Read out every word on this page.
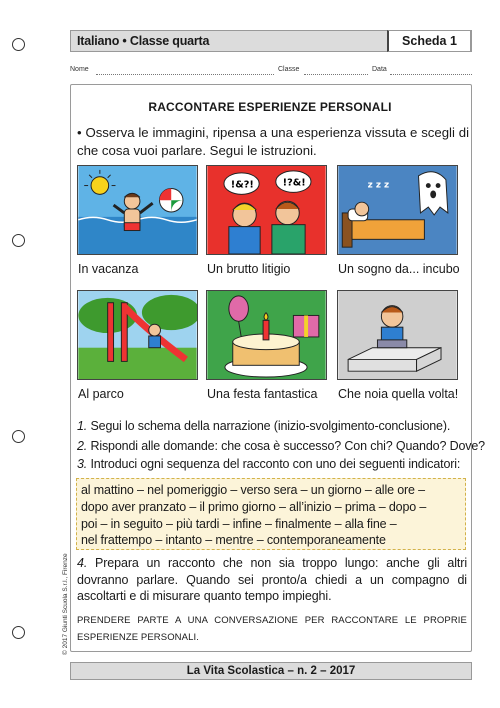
Italiano • Classe quarta	Scheda 1
Nome	Classe	Data
RACCONTARE ESPERIENZE PERSONALI
• Osserva le immagini, ripensa a una esperienza vissuta e scegli di che cosa vuoi parlare. Segui le istruzioni.
In vacanza
!&?!	!?&!
Un brutto litigio
z z z
Un sogno da... incubo
Al parco	Una festa fantastica Che noia quella volta!
1. Segui lo schema della narrazione (inizio-svolgimento-conclusione).
2. Rispondi alle domande: che cosa è successo? Con chi? Quando? Dove?
3. Introduci ogni sequenza del racconto con uno dei seguenti indicatori:
al mattino – nel pomeriggio – verso sera – un giorno – alle ore –
dopo aver pranzato – il primo giorno – all’inizio – prima – dopo –
poi – in seguito – più tardi – infine – finalmente – alla fine –
nel frattempo – intanto – mentre – contemporaneamente
4. Prepara un racconto che non sia troppo lungo: anche gli altri dovranno parlare. Quando sei pronto/a chiedi a un compagno di ascoltarti e di misurare quanto tempo impieghi.
PRENDERE PARTE A UNA CONVERSAZIONE PER RACCONTARE LE PROPRIE ESPERIENZE PERSONALI.
© 2017 Giunti Scuola S.r.l., Firenze
La Vita Scolastica – n. 2 – 2017
